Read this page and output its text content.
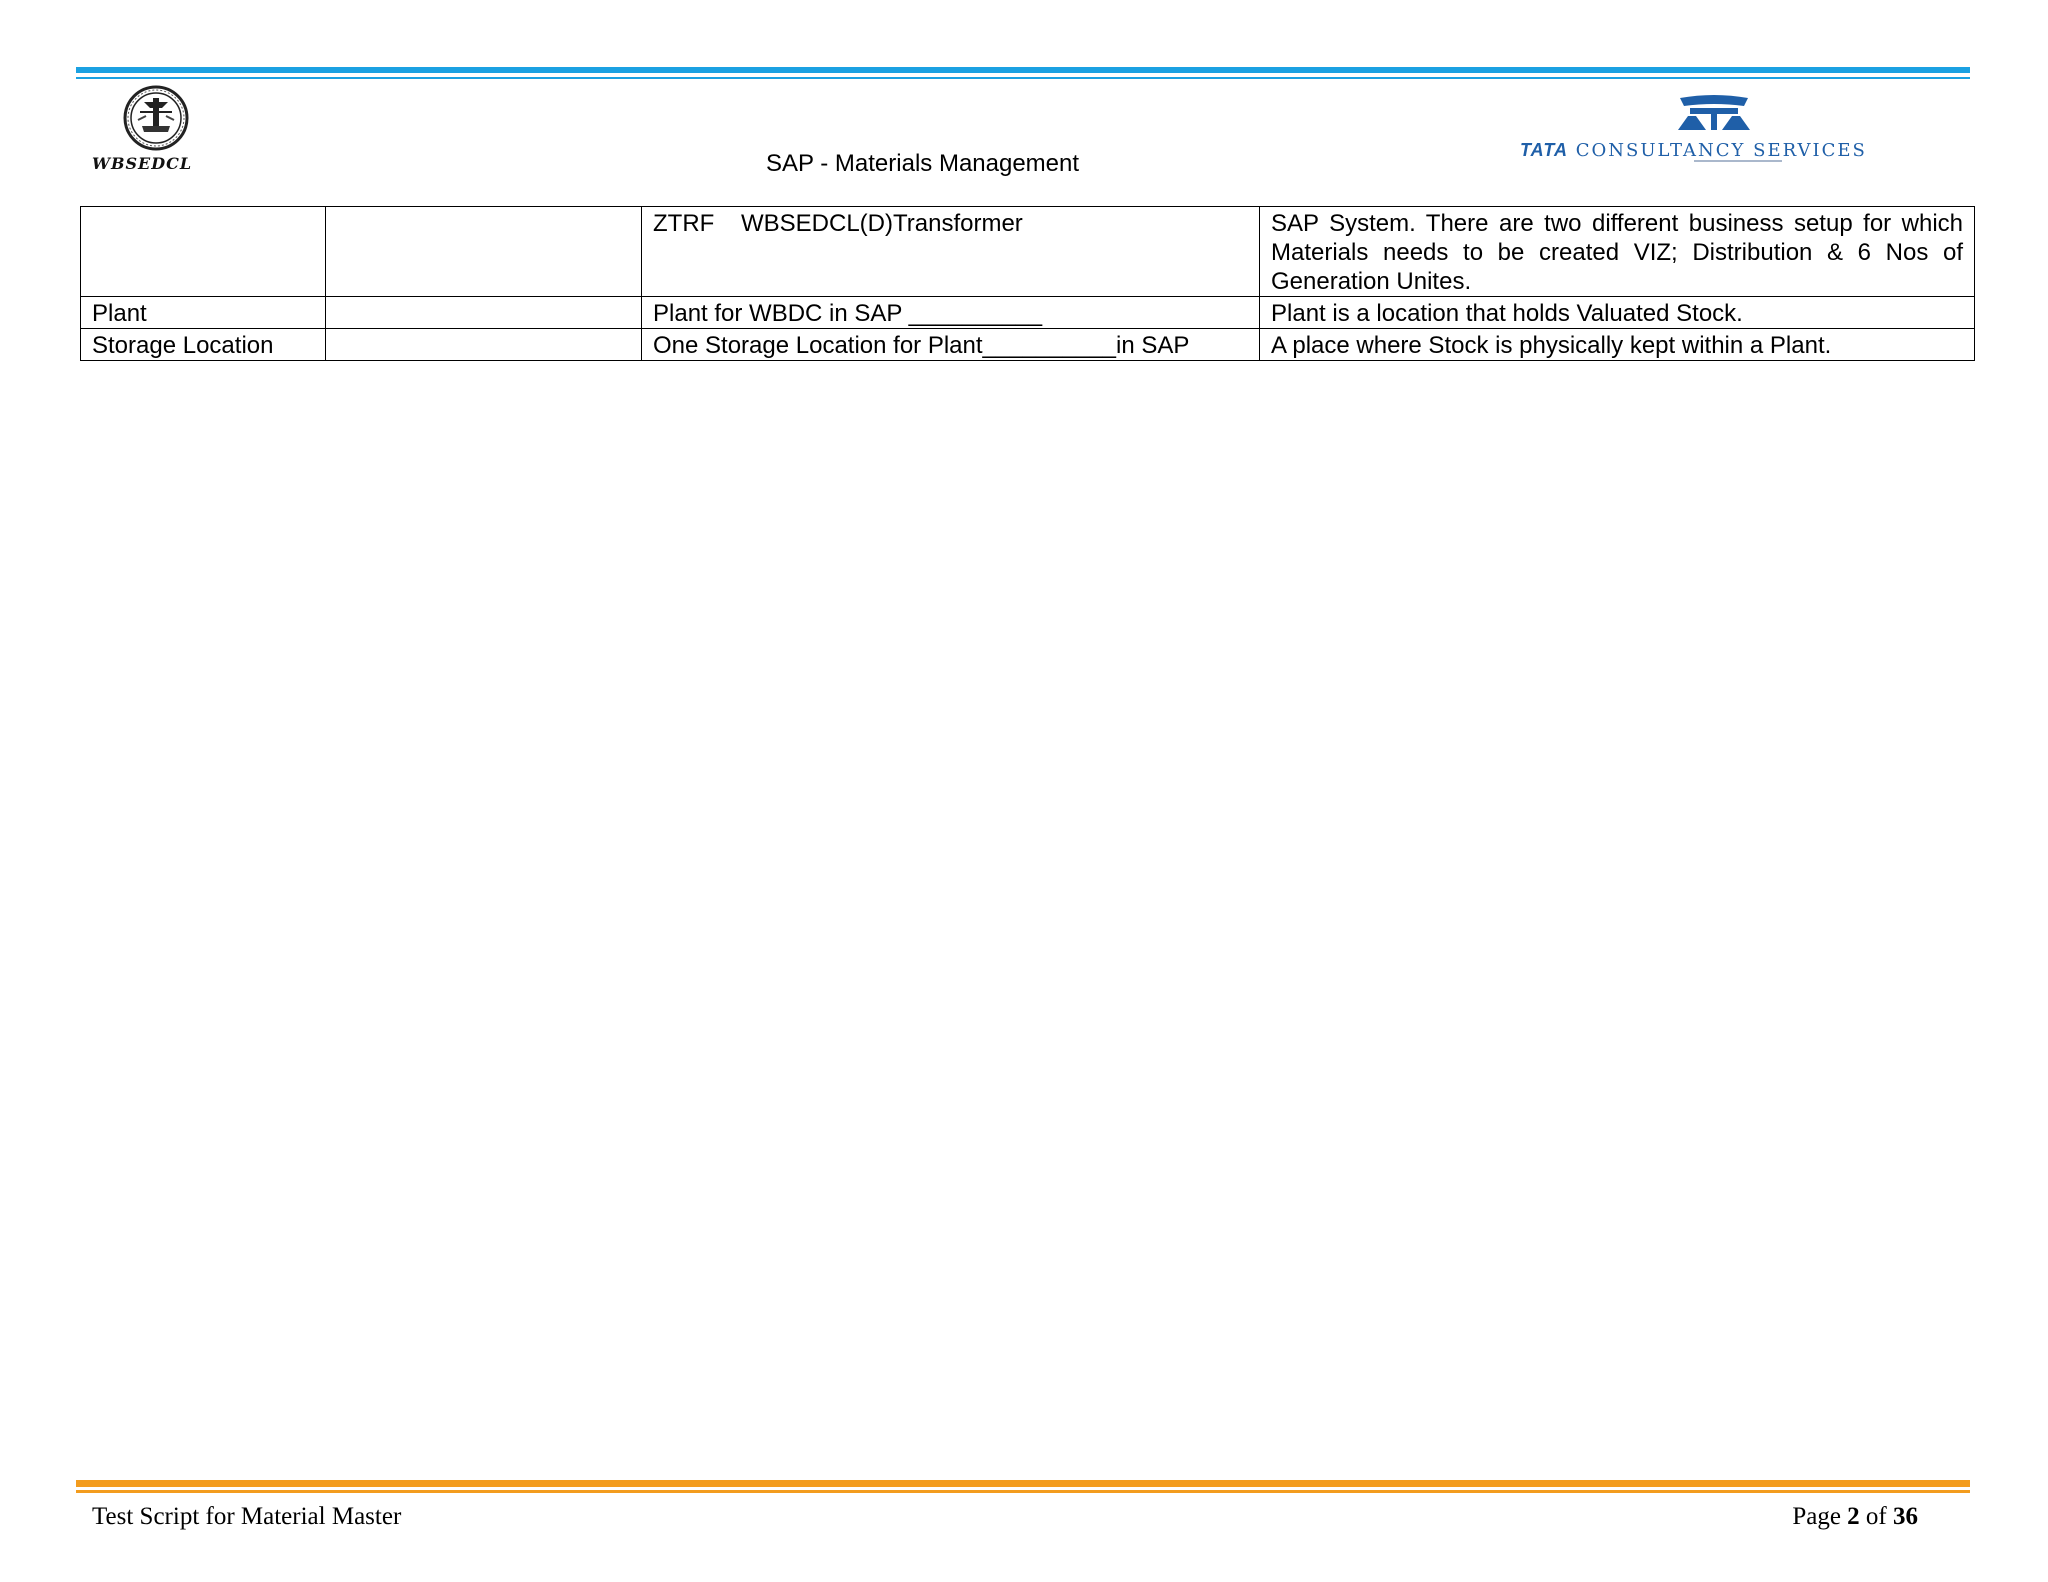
WBSEDCL	SAP - Materials Management	TATA CONSULTANCY SERVICES
		ZTRF    WBSEDCL(D)Transformer	SAP System. There are two different business setup for which Materials needs to be created VIZ; Distribution & 6 Nos of Generation Unites.
Plant		Plant for WBDC in SAP __________	Plant is a location that holds Valuated Stock.
Storage Location		One Storage Location for Plant__________in SAP	A place where Stock is physically kept within a Plant.
Test Script for Material Master	Page 2 of 36
